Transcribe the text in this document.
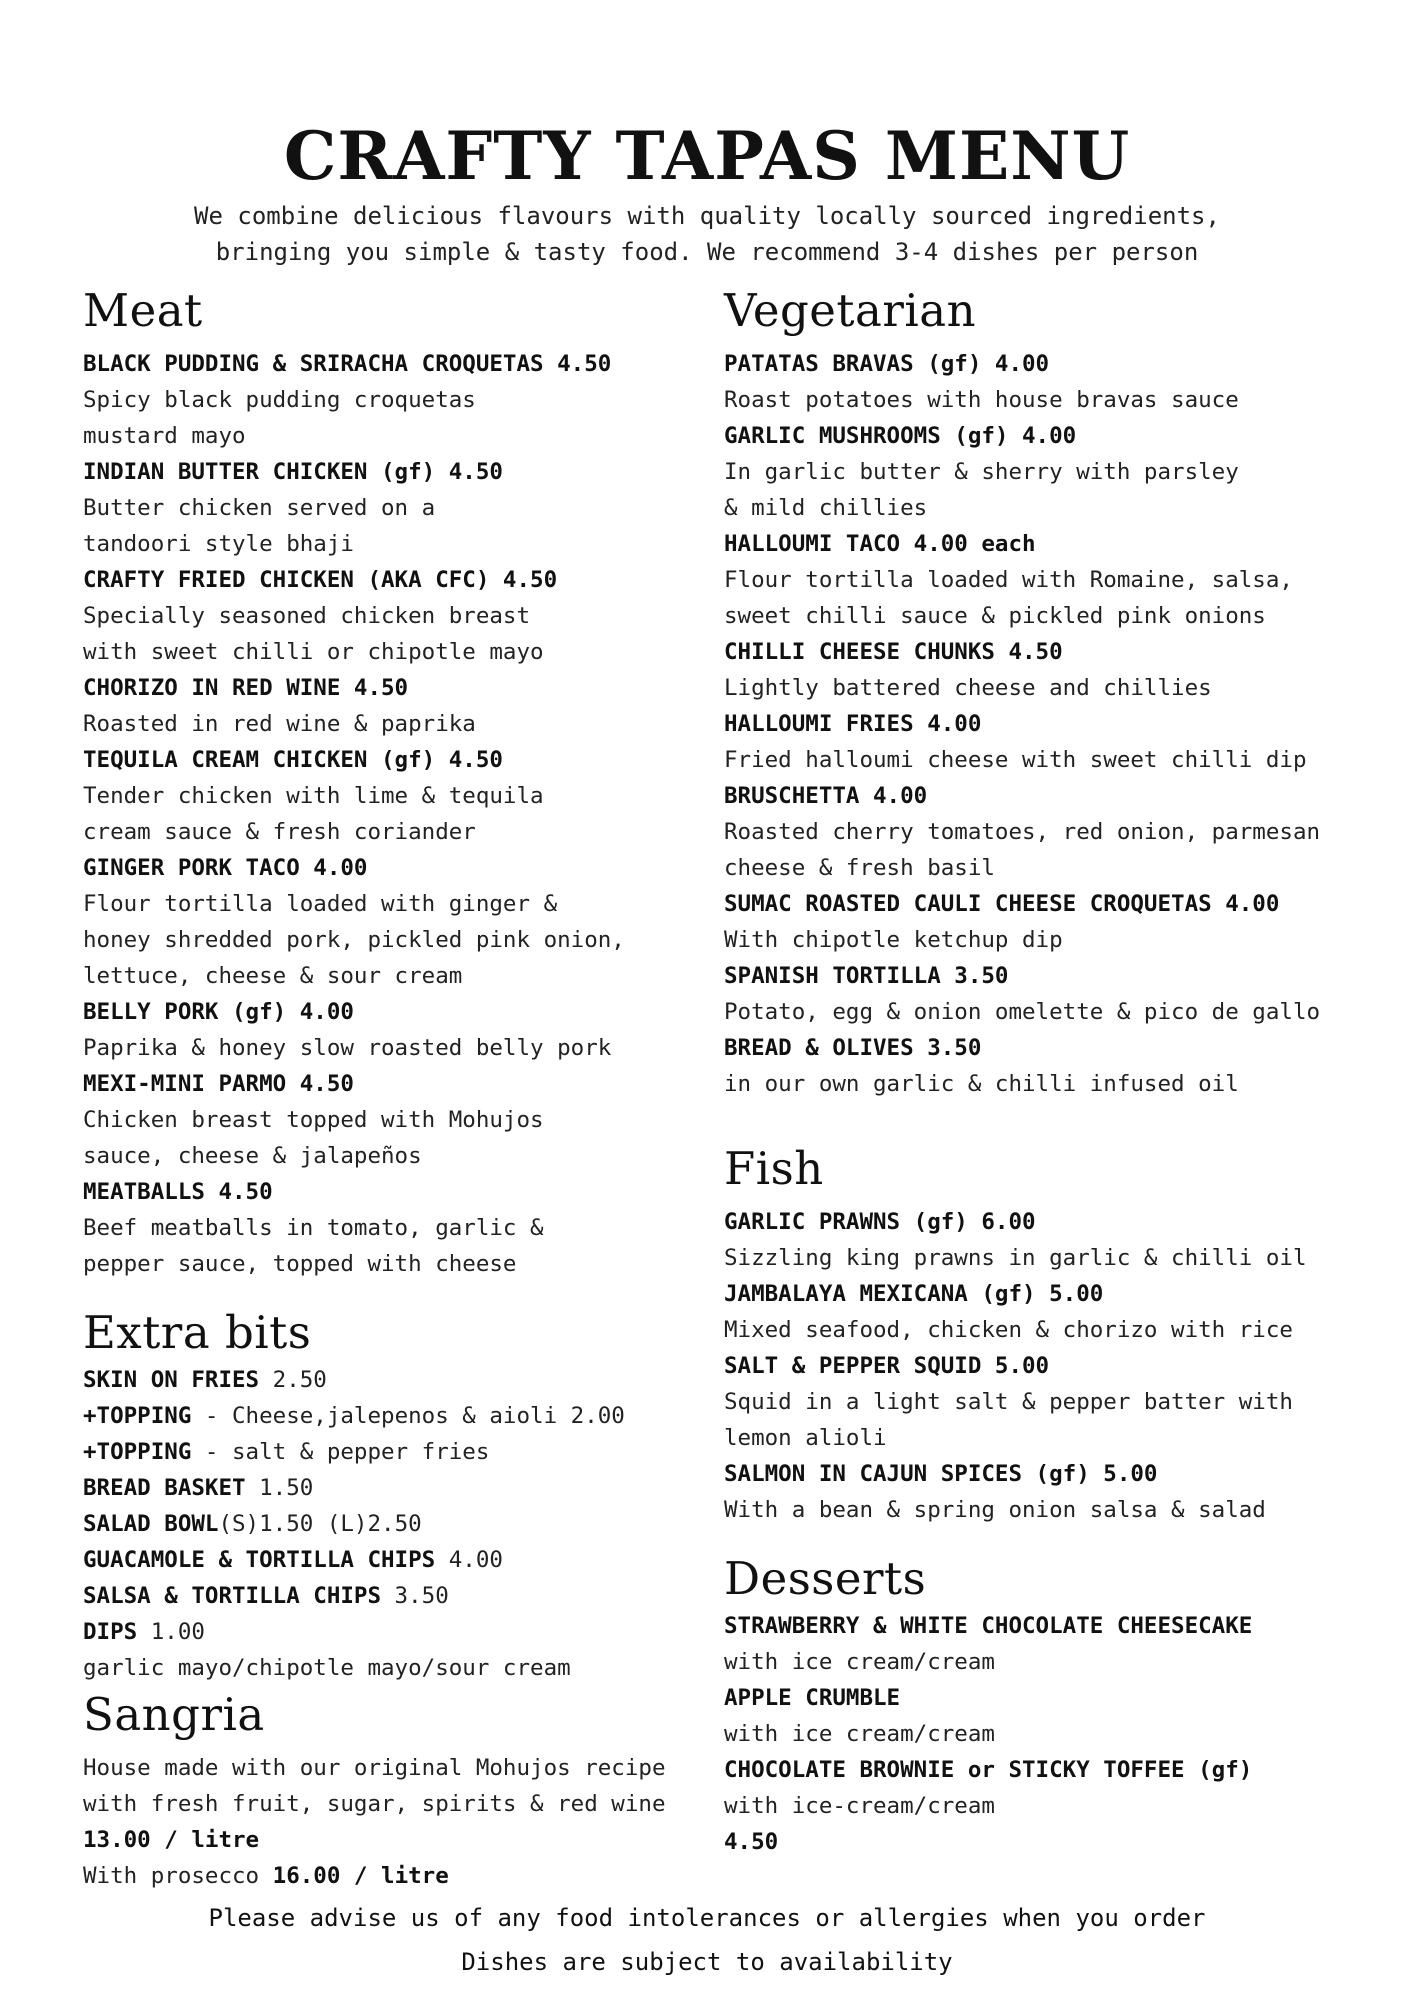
CRAFTY TAPAS MENU
We combine delicious flavours with quality locally sourced ingredients,
bringing you simple & tasty food. We recommend 3-4 dishes per person
Meat
BLACK PUDDING & SRIRACHA CROQUETAS 4.50
Spicy black pudding croquetas
mustard mayo
INDIAN BUTTER CHICKEN (gf) 4.50
Butter chicken served on a
tandoori style bhaji
CRAFTY FRIED CHICKEN (AKA CFC) 4.50
Specially seasoned chicken breast
with sweet chilli or chipotle mayo
CHORIZO IN RED WINE 4.50
Roasted in red wine & paprika
TEQUILA CREAM CHICKEN (gf) 4.50
Tender chicken with lime & tequila
cream sauce & fresh coriander
GINGER PORK TACO 4.00
Flour tortilla loaded with ginger &
honey shredded pork, pickled pink onion,
lettuce, cheese & sour cream
BELLY PORK (gf) 4.00
Paprika & honey slow roasted belly pork
MEXI-MINI PARMO 4.50
Chicken breast topped with Mohujos
sauce, cheese & jalapeños
MEATBALLS 4.50
Beef meatballs in tomato, garlic &
pepper sauce, topped with cheese
Extra bits
SKIN ON FRIES 2.50
+TOPPING - Cheese,jalepenos & aioli 2.00
+TOPPING - salt & pepper fries
BREAD BASKET 1.50
SALAD BOWL(S)1.50 (L)2.50
GUACAMOLE & TORTILLA CHIPS 4.00
SALSA & TORTILLA CHIPS 3.50
DIPS 1.00
garlic mayo/chipotle mayo/sour cream
Sangria
House made with our original Mohujos recipe
with fresh fruit, sugar, spirits & red wine
13.00 / litre
With prosecco 16.00 / litre
Vegetarian
PATATAS BRAVAS (gf) 4.00
Roast potatoes with house bravas sauce
GARLIC MUSHROOMS (gf) 4.00
In garlic butter & sherry with parsley
& mild chillies
HALLOUMI TACO 4.00 each
Flour tortilla loaded with Romaine, salsa,
sweet chilli sauce & pickled pink onions
CHILLI CHEESE CHUNKS 4.50
Lightly battered cheese and chillies
HALLOUMI FRIES 4.00
Fried halloumi cheese with sweet chilli dip
BRUSCHETTA 4.00
Roasted cherry tomatoes, red onion, parmesan
cheese & fresh basil
SUMAC ROASTED CAULI CHEESE CROQUETAS 4.00
With chipotle ketchup dip
SPANISH TORTILLA 3.50
Potato, egg & onion omelette & pico de gallo
BREAD & OLIVES 3.50
in our own garlic & chilli infused oil
Fish
GARLIC PRAWNS (gf) 6.00
Sizzling king prawns in garlic & chilli oil
JAMBALAYA MEXICANA (gf) 5.00
Mixed seafood, chicken & chorizo with rice
SALT & PEPPER SQUID 5.00
Squid in a light salt & pepper batter with
lemon alioli
SALMON IN CAJUN SPICES (gf) 5.00
With a bean & spring onion salsa & salad
Desserts
STRAWBERRY & WHITE CHOCOLATE CHEESECAKE
with ice cream/cream
APPLE CRUMBLE
with ice cream/cream
CHOCOLATE BROWNIE or STICKY TOFFEE (gf)
with ice-cream/cream
4.50
Please advise us of any food intolerances or allergies when you order
Dishes are subject to availability
